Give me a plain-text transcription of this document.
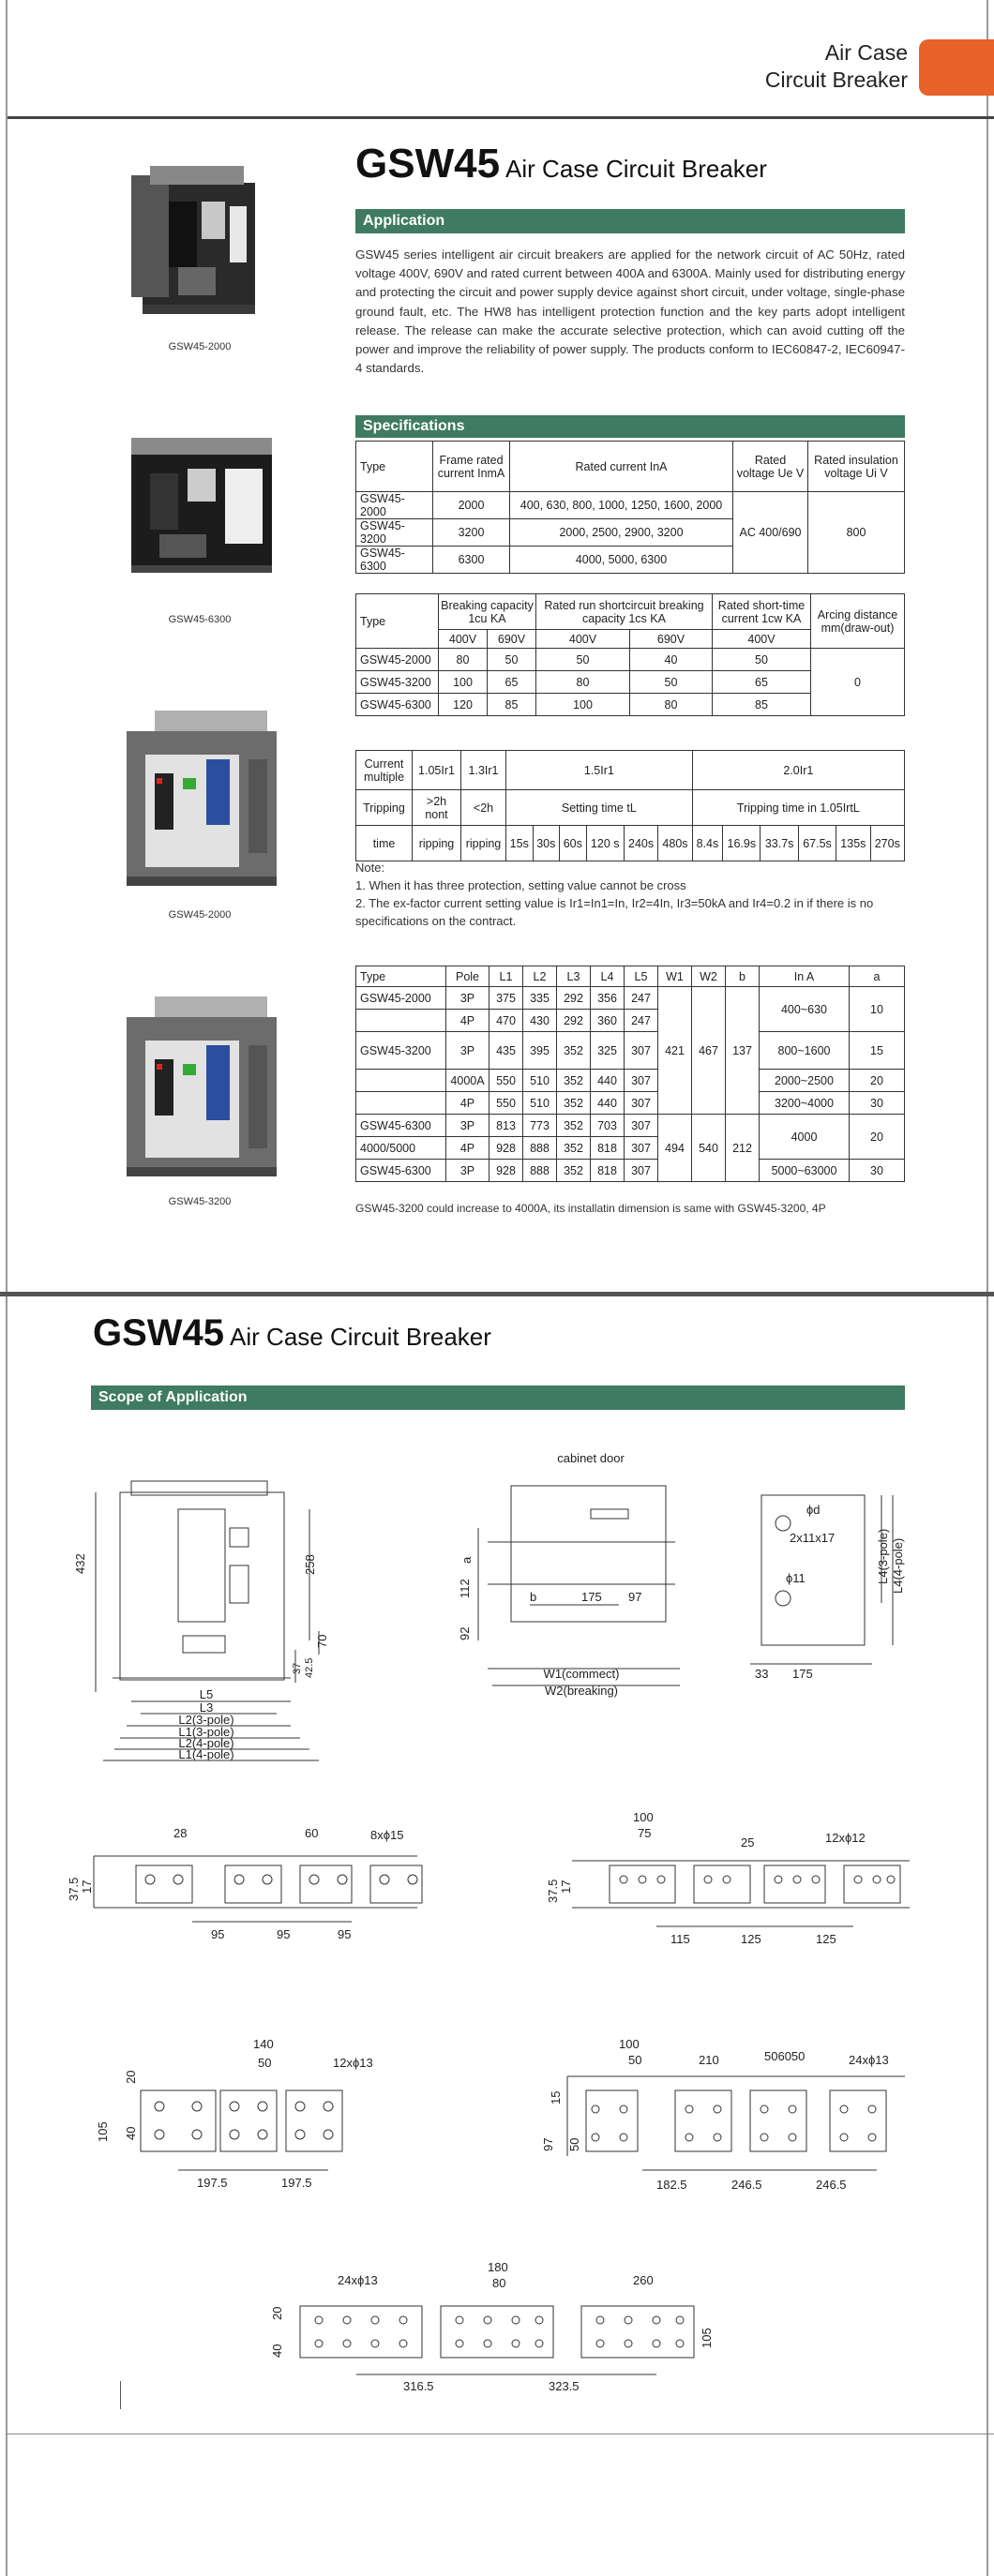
Air Case
Circuit Breaker
GSW45 Air Case Circuit Breaker
Application
GSW45 series intelligent air circuit breakers are applied for the network circuit of AC 50Hz, rated voltage 400V, 690V and rated current between 400A and 6300A. Mainly used for distributing energy and protecting the circuit and power supply device against short circuit, under voltage, single-phase ground fault, etc. The HW8 has intelligent protection function and the key parts adopt intelligent release. The release can make the accurate selective protection, which can avoid cutting off the power and improve the reliability of power supply. The products conform to IEC60847-2, IEC60947-4 standards.
Specifications
GSW45-2000
GSW45-6300
GSW45-2000
GSW45-3200
Type	Frame rated current InmA	Rated current InA	Rated voltage Ue V	Rated insulation voltage Ui V
GSW45-2000	2000	400, 630, 800, 1000, 1250, 1600, 2000	AC 400/690	800
GSW45-3200	3200	2000, 2500, 2900, 3200		
GSW45-6300	6300	4000, 5000, 6300		
Type	Breaking capacity 1cu KA		Rated run shortcircuit breaking capacity 1cs KA		Rated short-time current 1cw KA	Arcing distance mm(draw-out)
	400V	690V	400V	690V	400V	
GSW45-2000	80	50	50	40	50	0
GSW45-3200	100	65	80	50	65	
GSW45-6300	120	85	100	80	85	
Current multiple	1.05Ir1	1.3Ir1	1.5Ir1						2.0Ir1					
Tripping	>2h nont	<2h	Setting time tL						Tripping time in 1.05IrtL					
time	ripping	ripping	15s	30s	60s	120 s	240s	480s	8.4s	16.9s	33.7s	67.5s	135s	270s
Note:
1. When it has three protection, setting value cannot be cross
2. The ex-factor current setting value is Ir1=In1=In, Ir2=4In, Ir3=50kA and Ir4=0.2 in if there is no specifications on the contract.
Type	Pole	L1	L2	L3	L4	L5	W1	W2	b	In A	a
GSW45-2000	3P	375	335	292	356	247	421	467	137	400~630	10
	4P	470	430	292	360	247					
GSW45-3200	3P	435	395	352	325	307				800~1600	15
	4000A	550	510	352	440	307				2000~2500	20
	4P	550	510	352	440	307				3200~4000	30
GSW45-6300	3P	813	773	352	703	307	494	540	212	4000	20
4000/5000	4P	928	888	352	818	307					
GSW45-6300	3P	928	888	352	818	307				5000~63000	30
GSW45-3200 could increase to 4000A, its installatin dimension is same with GSW45-3200, 4P
GSW45 Air Case Circuit Breaker
Scope of Application
432	258
70
37 42.5
L5
L3
L2(3-pole)
L1(3-pole)
L2(4-pole)
L1(4-pole)
cabinet door
a
112
92
b	175 97
W1(commect)
W2(breaking)
ϕd
2x11x17
ϕ11
33 175
L4(3-pole) L4(4-pole)
28	60	8xϕ15
37.5 17
95	95	95
100
75
25	12xϕ12
37.5 17
115	125	125
140
50	12xϕ13
20
105 40
197.5	197.5
100
50	210	506050	24xϕ13
15
97 50
182.5	246.5	246.5
24xϕ13
180
80	260
20
40
105
316.5	323.5
